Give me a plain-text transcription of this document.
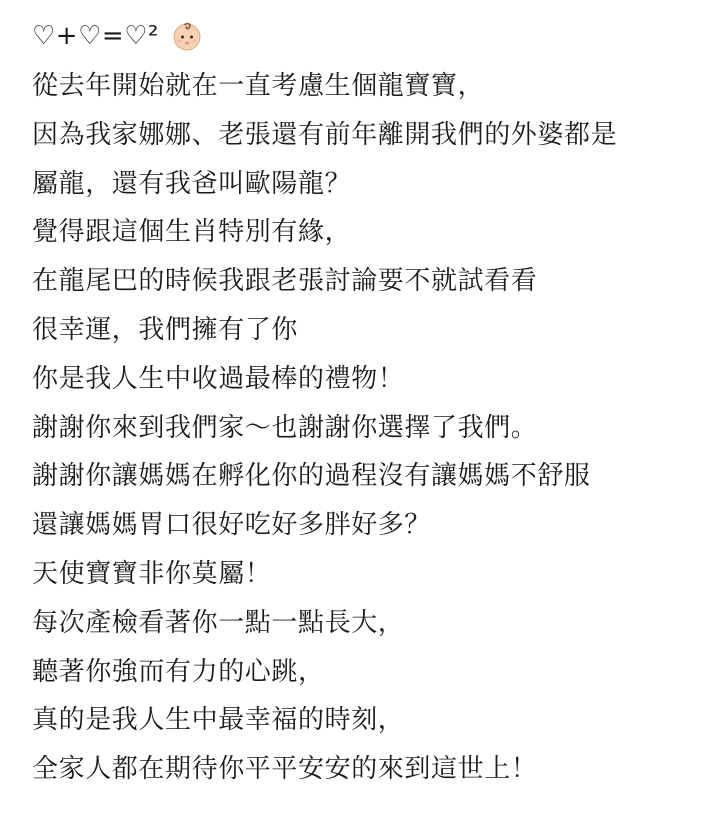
♡+♡=♡²
從去年開始就在一直考慮生個龍寶寶，
因為我家娜娜、老張還有前年離開我們的外婆都是
屬龍，還有我爸叫歐陽龍？
覺得跟這個生肖特別有緣，
在龍尾巴的時候我跟老張討論要不就試看看
很幸運，我們擁有了你
你是我人生中收過最棒的禮物！
謝謝你來到我們家～也謝謝你選擇了我們。
謝謝你讓媽媽在孵化你的過程沒有讓媽媽不舒服
還讓媽媽胃口很好吃好多胖好多？
天使寶寶非你莫屬！
每次產檢看著你一點一點長大，
聽著你強而有力的心跳，
真的是我人生中最幸福的時刻，
全家人都在期待你平平安安的來到這世上！
